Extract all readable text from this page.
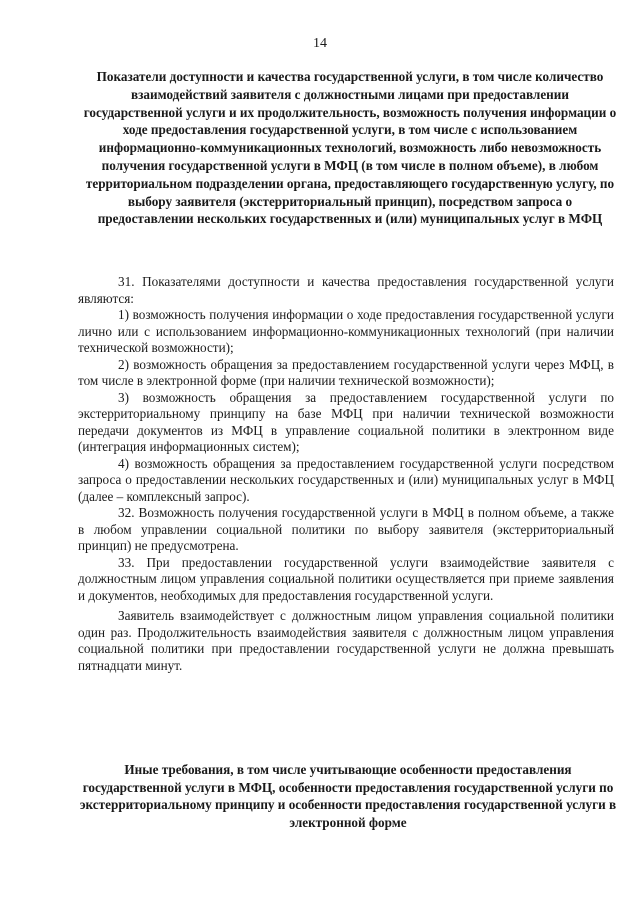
14
Показатели доступности и качества государственной услуги, в том числе количество взаимодействий заявителя с должностными лицами при предоставлении государственной услуги и их продолжительность, возможность получения информации о ходе предоставления государственной услуги, в том числе с использованием информационно-коммуникационных технологий, возможность либо невозможность получения государственной услуги в МФЦ (в том числе в полном объеме), в любом территориальном подразделении органа, предоставляющего государственную услугу, по выбору заявителя (экстерриториальный принцип), посредством запроса о предоставлении нескольких государственных и (или) муниципальных услуг в МФЦ

31. Показателями доступности и качества предоставления государственной услуги являются:

1) возможность получения информации о ходе предоставления государственной услуги лично или с использованием информационно-коммуникационных технологий (при наличии технической возможности);

2) возможность обращения за предоставлением государственной услуги через МФЦ, в том числе в электронной форме (при наличии технической возможности);

3) возможность обращения за предоставлением государственной услуги по экстерриториальному принципу на базе МФЦ при наличии технической возможности передачи документов из МФЦ в управление социальной политики в электронном виде (интеграция информационных систем);

4) возможность обращения за предоставлением государственной услуги посредством запроса о предоставлении нескольких государственных и (или) муниципальных услуг в МФЦ (далее – комплексный запрос).

32. Возможность получения государственной услуги в МФЦ в полном объеме, а также в любом управлении социальной политики по выбору заявителя (экстерриториальный принцип) не предусмотрена.

33. При предоставлении государственной услуги взаимодействие заявителя с должностным лицом управления социальной политики осуществляется при приеме заявления и документов, необходимых для предоставления государственной услуги.

Заявитель взаимодействует с должностным лицом управления социальной политики один раз. Продолжительность взаимодействия заявителя с должностным лицом управления социальной политики при предоставлении государственной услуги не должна превышать пятнадцати минут.

Иные требования, в том числе учитывающие особенности предоставления государственной услуги в МФЦ, особенности предоставления государственной услуги по экстерриториальному принципу и особенности предоставления государственной услуги в электронной форме
